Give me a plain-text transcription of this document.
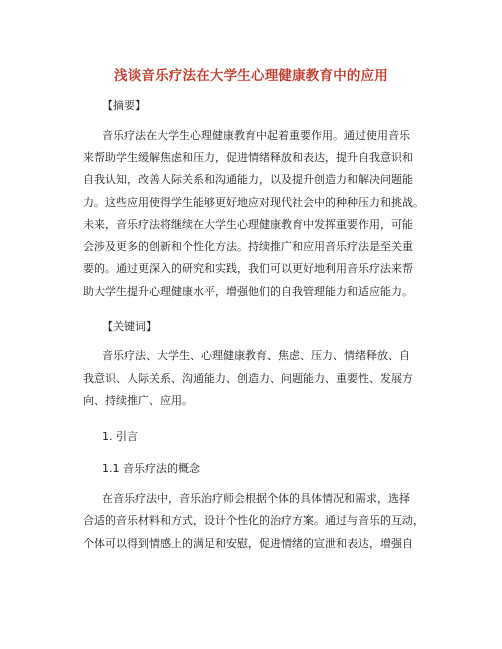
浅谈音乐疗法在大学生心理健康教育中的应用
【摘要】
音乐疗法在大学生心理健康教育中起着重要作用。通过使用音乐
来帮助学生缓解焦虑和压力，促进情绪释放和表达，提升自我意识和
自我认知，改善人际关系和沟通能力，以及提升创造力和解决问题能
力。这些应用使得学生能够更好地应对现代社会中的种种压力和挑战。
未来，音乐疗法将继续在大学生心理健康教育中发挥重要作用，可能
会涉及更多的创新和个性化方法。持续推广和应用音乐疗法是至关重
要的。通过更深入的研究和实践，我们可以更好地利用音乐疗法来帮
助大学生提升心理健康水平，增强他们的自我管理能力和适应能力。
【关键词】
音乐疗法、大学生、心理健康教育、焦虑、压力、情绪释放、自
我意识、人际关系、沟通能力、创造力、问题能力、重要性、发展方
向、持续推广、应用。
1. 引言
1.1 音乐疗法的概念
在音乐疗法中，音乐治疗师会根据个体的具体情况和需求，选择
合适的音乐材料和方式，设计个性化的治疗方案。通过与音乐的互动，
个体可以得到情感上的满足和安慰，促进情绪的宣泄和表达，增强自
